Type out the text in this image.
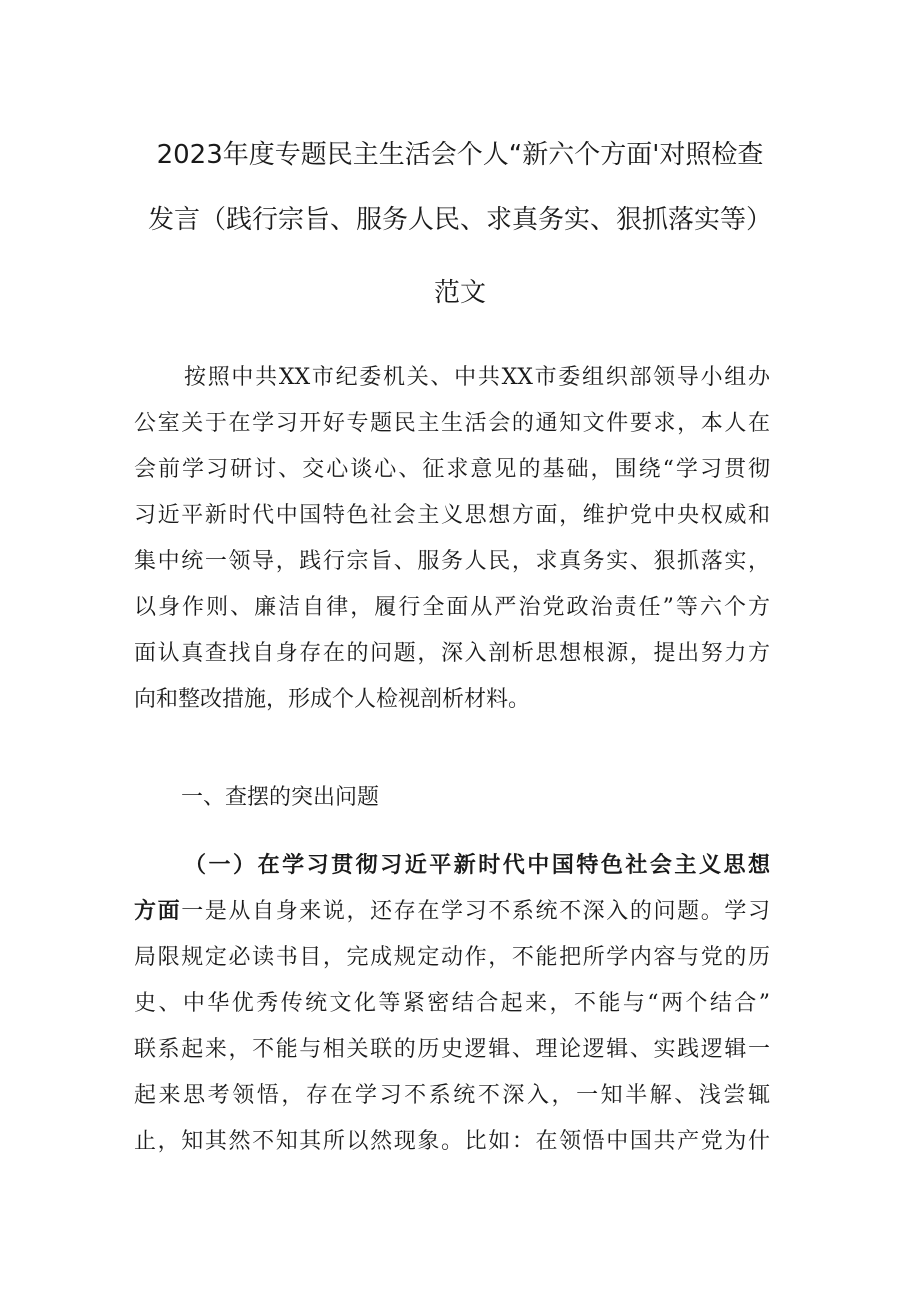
2023年度专题民主生活会个人“新六个方面'对照检查
发言（践行宗旨、服务人民、求真务实、狠抓落实等）
范文
按照中共XX市纪委机关、中共XX市委组织部领导小组办
公室关于在学习开好专题民主生活会的通知文件要求，本人在
会前学习研讨、交心谈心、征求意见的基础，围绕“学习贯彻
习近平新时代中国特色社会主义思想方面，维护党中央权威和
集中统一领导，践行宗旨、服务人民，求真务实、狠抓落实，
以身作则、廉洁自律，履行全面从严治党政治责任”等六个方
面认真查找自身存在的问题，深入剖析思想根源，提出努力方
向和整改措施，形成个人检视剖析材料。
一、查摆的突出问题
（一）在学习贯彻习近平新时代中国特色社会主义思想
方面一是从自身来说，还存在学习不系统不深入的问题。学习
局限规定必读书目，完成规定动作，不能把所学内容与党的历
史、中华优秀传统文化等紧密结合起来，不能与“两个结合”
联系起来，不能与相关联的历史逻辑、理论逻辑、实践逻辑一
起来思考领悟，存在学习不系统不深入，一知半解、浅尝辄
止，知其然不知其所以然现象。比如：在领悟中国共产党为什
